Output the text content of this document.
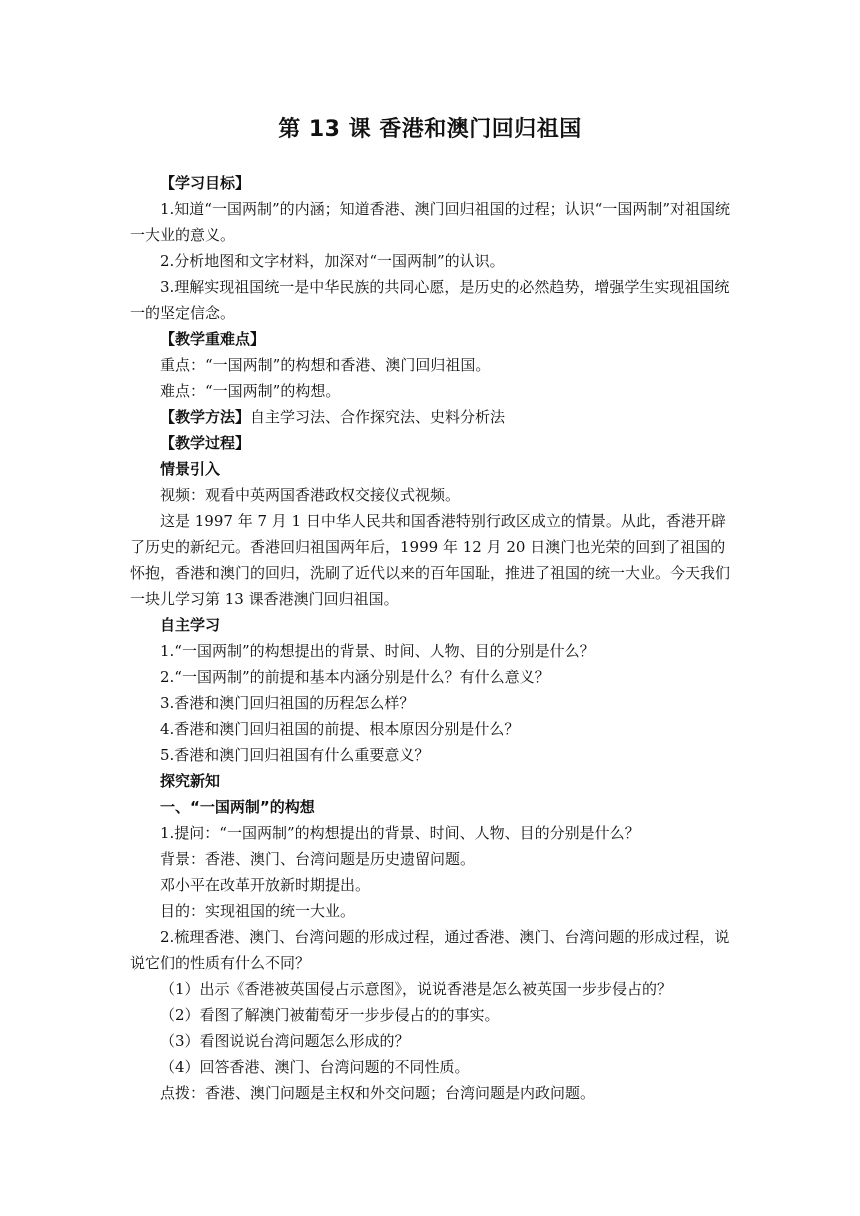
第 13 课 香港和澳门回归祖国

【学习目标】

1.知道“一国两制”的内涵；知道香港、澳门回归祖国的过程；认识“一国两制”对祖国统一大业的意义。

2.分析地图和文字材料，加深对“一国两制”的认识。

3.理解实现祖国统一是中华民族的共同心愿，是历史的必然趋势，增强学生实现祖国统一的坚定信念。

【教学重难点】

重点：“一国两制”的构想和香港、澳门回归祖国。

难点：“一国两制”的构想。

【教学方法】自主学习法、合作探究法、史料分析法

【教学过程】

情景引入

视频：观看中英两国香港政权交接仪式视频。

这是 1997 年 7 月 1 日中华人民共和国香港特别行政区成立的情景。从此，香港开辟了历史的新纪元。香港回归祖国两年后，1999 年 12 月 20 日澳门也光荣的回到了祖国的怀抱，香港和澳门的回归，洗刷了近代以来的百年国耻，推进了祖国的统一大业。今天我们一块儿学习第 13 课香港澳门回归祖国。

自主学习

1.“一国两制”的构想提出的背景、时间、人物、目的分别是什么？

2.“一国两制”的前提和基本内涵分别是什么？有什么意义？

3.香港和澳门回归祖国的历程怎么样？

4.香港和澳门回归祖国的前提、根本原因分别是什么？

5.香港和澳门回归祖国有什么重要意义？

探究新知

一、“一国两制”的构想

1.提问：“一国两制”的构想提出的背景、时间、人物、目的分别是什么？

背景：香港、澳门、台湾问题是历史遗留问题。

邓小平在改革开放新时期提出。

目的：实现祖国的统一大业。

2.梳理香港、澳门、台湾问题的形成过程，通过香港、澳门、台湾问题的形成过程，说说它们的性质有什么不同？

（1）出示《香港被英国侵占示意图》，说说香港是怎么被英国一步步侵占的？

（2）看图了解澳门被葡萄牙一步步侵占的的事实。

（3）看图说说台湾问题怎么形成的？

（4）回答香港、澳门、台湾问题的不同性质。

点拨：香港、澳门问题是主权和外交问题；台湾问题是内政问题。
